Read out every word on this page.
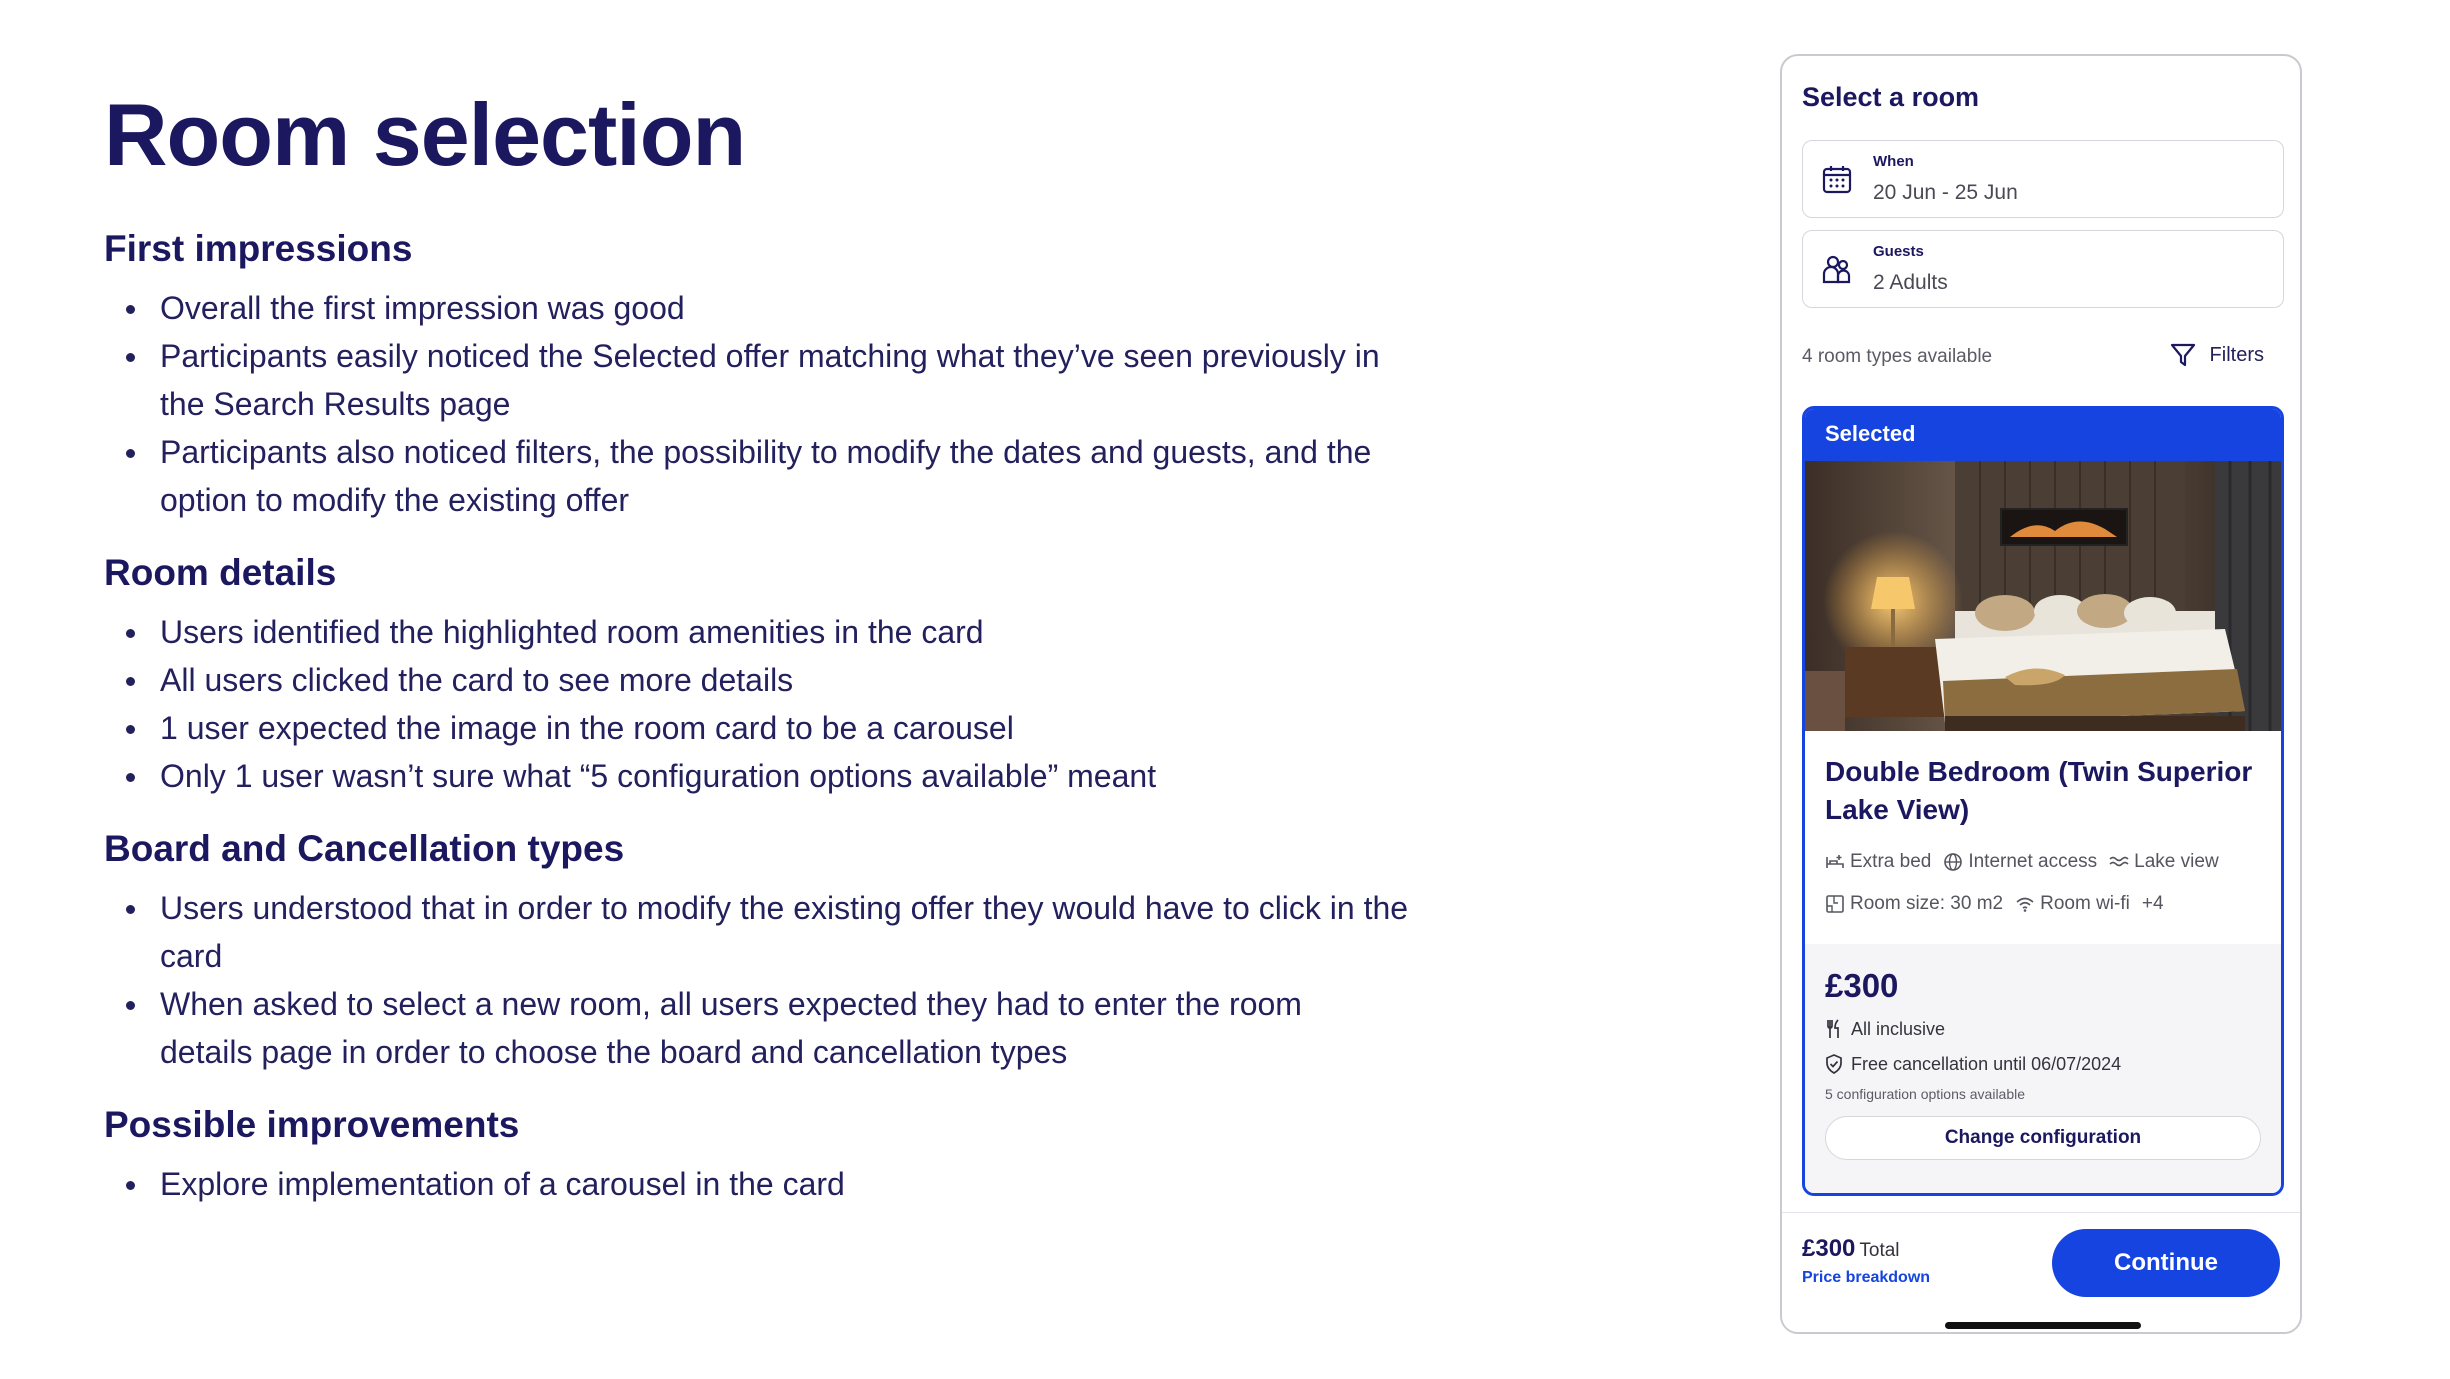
Room selection
First impressions
Overall the first impression was good
Participants easily noticed the Selected offer matching what they’ve seen previously in the Search Results page
Participants also noticed filters, the possibility to modify the dates and guests, and the option to modify the existing offer
Room details
Users identified the highlighted room amenities in the card
All users clicked the card to see more details
1 user expected the image in the room card to be a carousel
Only 1 user wasn’t sure what “5 configuration options available” meant
Board and Cancellation types
Users understood that in order to modify the existing offer they would have to click in the card
When asked to select a new room, all users expected they had to enter the room details page in order to choose the board and cancellation types
Possible improvements
Explore implementation of a carousel in the card
Select a room
When
20 Jun - 25 Jun
Guests
2 Adults
4 room types available	Filters
Selected
Double Bedroom (Twin Superior Lake View)
Extra bed Internet access Lake view
Room size: 30 m2 Room wi-fi +4
£300
All inclusive
Free cancellation until 06/07/2024
5 configuration options available
Change configuration
£300 Total
Price breakdown
Continue
